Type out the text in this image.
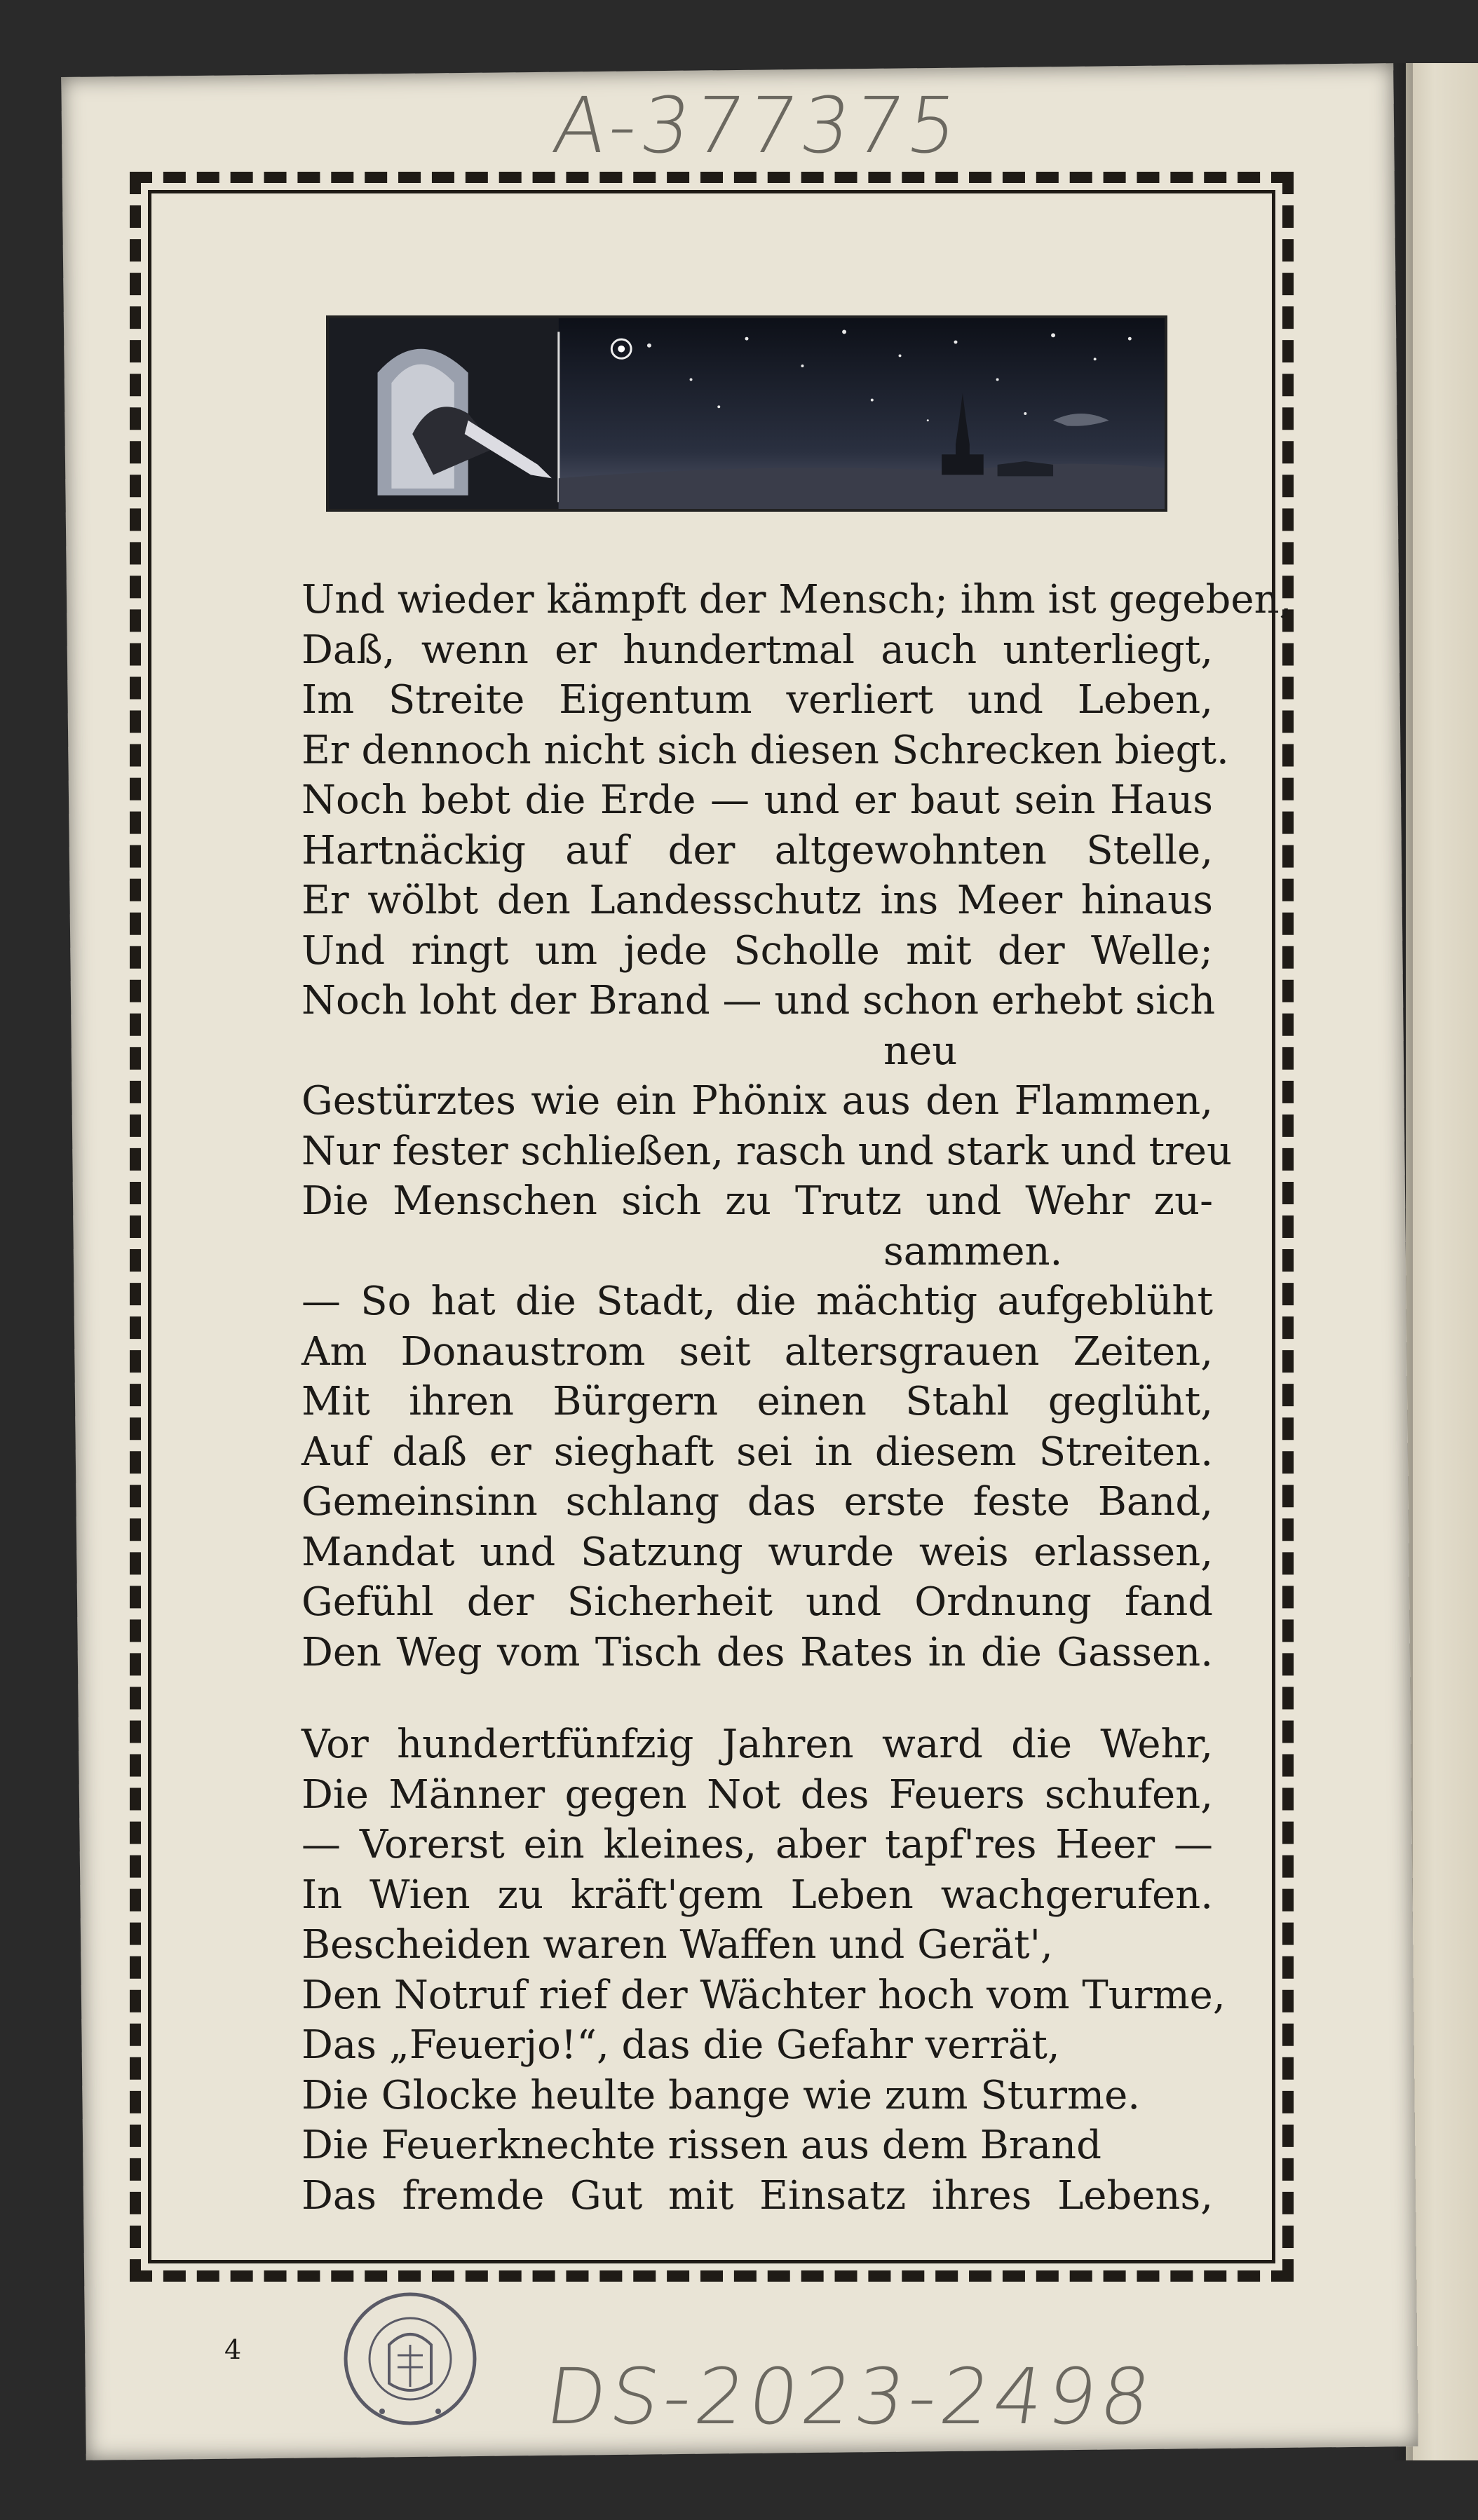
A-377375
Und wieder kämpft der Mensch; ihm ist gegeben,
Daß, wenn er hundertmal auch unterliegt,
Im Streite Eigentum verliert und Leben,
Er dennoch nicht sich diesen Schrecken biegt.
Noch bebt die Erde — und er baut sein Haus
Hartnäckig auf der altgewohnten Stelle,
Er wölbt den Landesschutz ins Meer hinaus
Und ringt um jede Scholle mit der Welle;
Noch loht der Brand — und schon erhebt sich
neu
Gestürztes wie ein Phönix aus den Flammen,
Nur fester schließen, rasch und stark und treu
Die Menschen sich zu Trutz und Wehr zu-
sammen.
— So hat die Stadt, die mächtig aufgeblüht
Am Donaustrom seit altersgrauen Zeiten,
Mit ihren Bürgern einen Stahl geglüht,
Auf daß er sieghaft sei in diesem Streiten.
Gemeinsinn schlang das erste feste Band,
Mandat und Satzung wurde weis erlassen,
Gefühl der Sicherheit und Ordnung fand
Den Weg vom Tisch des Rates in die Gassen.
Vor hundertfünfzig Jahren ward die Wehr,
Die Männer gegen Not des Feuers schufen,
— Vorerst ein kleines, aber tapf'res Heer —
In Wien zu kräft'gem Leben wachgerufen.
Bescheiden waren Waffen und Gerät',
Den Notruf rief der Wächter hoch vom Turme,
Das „Feuerjo!“, das die Gefahr verrät,
Die Glocke heulte bange wie zum Sturme.
Die Feuerknechte rissen aus dem Brand
Das fremde Gut mit Einsatz ihres Lebens,
4
DS-2023-2498
